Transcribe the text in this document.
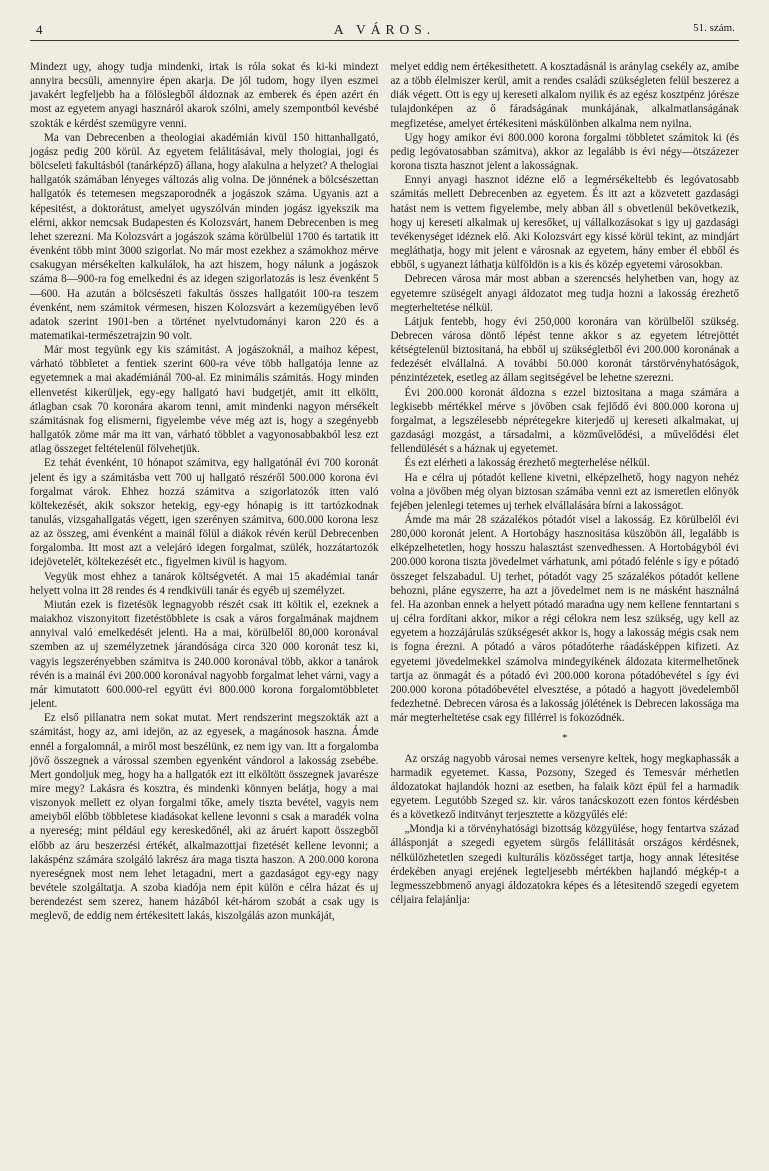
4	A VÁROS.	51. szám.

Mindezt ugy, ahogy tudja mindenki, irtak is róla sokat és ki-ki mindezt annyira becsüli, amennyire épen akarja. De jól tudom, hogy ilyen eszmei javakért legfeljebb ha a fölöslegből áldoznak az emberek és épen azért én most az egyetem anyagi hasznáról akarok szólni, amely szempontból kevésbé szokták e kérdést szemügyre venni.

Ma van Debrecenben a theologiai akadémián kivül 150 hittanhallgató, jogász pedig 200 körül. Az egyetem felálitásával, mely thologiai, jogi és bölcseleti fakultásból (tanárképző) állana, hogy alakulna a helyzet? A thelogiai hallgatók számában lényeges változás alig volna. De jönnének a bölcsészettan hallgatók és tetemesen megszaporodnék a jogászok száma. Ugyanis azt a képesitést, a doktorátust, amelyet ugyszólván minden jogász igyekszik ma elérni, akkor nemcsak Budapesten és Kolozsvárt, hanem Debrecenben is meg lehet szerezni. Ma Kolozsvárt a jogászok száma körülbelül 1700 és tartatik itt évenként több mint 3000 szigorlat. No már most ezekhez a számokhoz mérve csakugyan mérsékelten kalkulálok, ha azt hiszem, hogy nálunk a jogászok száma 8—900-ra fog emelkedni és az idegen szigorlatozás is lesz évenként 5—600. Ha azután a bölcsészeti fakultás összes hallgatóit 100-ra teszem évenként, nem számitok vérmesen, hiszen Kolozsvárt a kezemügyében levő adatok szerint 1901-ben a történet nyelvtudományi karon 220 és a matematikai-természetrajzin 90 volt.

Már most tegyünk egy kis számitást. A jogászoknál, a maihoz képest, várható többletet a fentiek szerint 600-ra véve több hallgatója lenne az egyetemnek a mai akadémiánál 700-al. Ez minimális számitás. Hogy minden ellenvetést kikerüljek, egy-egy hallgató havi budgetjét, amit itt elköltt, átlagban csak 70 koronára akarom tenni, amit mindenki nagyon mérsékelt számitásnak fog elismerni, figyelembe véve még azt is, hogy a szegényebb hallgatók zöme már ma itt van, várható többlet a vagyonosabbakból lesz ezt atlag összeget feltételenül fölvehetjük.

Ez tehát évenként, 10 hónapot számitva, egy hallgatónál évi 700 koronát jelent és igy a számitásba vett 700 uj hallgató részéről 500.000 korona évi forgalmat várok. Ehhez hozzá számitva a szigorlatozók itten való költekezését, akik sokszor hetekig, egy-egy hónapig is itt tartózkodnak tanulás, vizsgahallgatás végett, igen szerényen számitva, 600.000 korona lesz az az összeg, ami évenként a mainál fölül a diákok révén kerül Debrecenben forgalomba. Itt most azt a velejáró idegen forgalmat, szülék, hozzátartozók idejövetelét, költekezését etc., figyelmen kivül is hagyom.

Vegyük most ehhez a tanárok költségvetét. A mai 15 akadémiai tanár helyett volna itt 28 rendes és 4 rendkivüli tanár és egyéb uj személyzet.

Miután ezek is fizetésök legnagyobb részét csak itt költik el, ezeknek a maiakhoz viszonyitott fizetéstöbblete is csak a város forgalmának majdnem annyival való emelkedését jelenti. Ha a mai, körülbelől 80,000 koronával szemben az uj személyzetnek járandósága circa 320 000 koronát tesz ki, vagyis legszerényebben számitva is 240.000 koronával több, akkor a tanárok révén is a mainál évi 200.000 koronával nagyobb forgalmat lehet várni, vagy a már kimutatott 600.000-rel együtt évi 800.000 korona forgalomtöbbletet jelent.

Ez első pillanatra nem sokat mutat. Mert rendszerint megszokták azt a számitást, hogy az, ami idejön, az az egyesek, a magánosok haszna. Ámde ennél a forgalomnál, a miről most beszélünk, ez nem igy van. Itt a forgalomba jövő összegnek a várossal szemben egyenként vándorol a lakosság zsebébe. Mert gondoljuk meg, hogy ha a hallgatók ezt itt elköltött összegnek javarésze mire megy? Lakásra és kosztra, és mindenki könnyen belátja, hogy a mai viszonyok mellett ez olyan forgalmi tőke, amely tiszta bevétel, vagyis nem ameiyből előbb többletese kiadásokat kellene levonni s csak a maradék volna a nyereség; mint például egy kereskedőnél, aki az áruért kapott összegből előbb az áru beszerzési értékét, alkalmazottjai fizetését kellene levonni; a lakáspénz számára szolgáló lakrész ára maga tiszta haszon. A 200.000 korona nyereségnek most nem lehet letagadni, mert a gazdaságot egy-egy nagy bevétele szolgáltatja. A szoba kiadója nem épit külön e célra házat és uj berendezést sem szerez, hanem házából két-három szobát a csak ugy is meglevő, de eddig nem értékesitett lakás, kiszolgálás azon munkáját,

melyet eddig nem értékesithetett. A kosztadásnál is aránylag csekély az, amibe az a több élelmiszer kerül, amit a rendes családi szükségleten felül beszerez a diák végett. Ott is egy uj kereseti alkalom nyilik és az egész kosztpénz jórésze tulajdonképen az ő fáradságának munkájának, alkalmatlanságának megfizetése, amelyet értékesiteni máskülönben alkalma nem nyilna.

Ugy hogy amikor évi 800.000 korona forgalmi többletet számitok ki (és pedig legóvatosabban számitva), akkor az legalább is évi négy—ötszázezer korona tiszta hasznot jelent a lakosságnak.

Ennyi anyagi hasznot idézne elő a legmérsékeltebb és legóvatosabb számitás mellett Debrecenben az egyetem. És itt azt a közvetett gazdasági hatást nem is vettem figyelembe, mely abban áll s obvetlenül bekövetkezik, hogy uj kereseti alkalmak uj keresőket, uj vállalkozásokat s igy uj gazdasági tevékenységet idéznek elő. Aki Kolozsvárt egy kissé körül tekint, az mindjárt megláthatja, hogy mit jelent e városnak az egyetem, hány ember él ebből és ebből, s ugyanezt láthatja külföldön is a kis és közép egyetemi városokban.

Debrecen városa már most abban a szerencsés helyhetben van, hogy az egyetemre szüségelt anyagi áldozatot meg tudja hozni a lakosság érezhető megterheltetése nélkül.

Látjuk fentebb, hogy évi 250,000 koronára van körülbelől szükség. Debrecen városa döntő lépést tenne akkor s az egyetem létrejöttét kétségtelenül biztositaná, ha ebből uj szükségletből évi 200.000 koronának a fedezését elvállalná. A további 50.000 koronát társtörvényhatóságok, pénzintézetek, esetleg az állam segitségével be lehetne szerezni.

Évi 200.000 koronát áldozna s ezzel biztositana a maga számára a legkisebb mértékkel mérve s jövőben csak fejlődő évi 800.000 korona uj forgalmat, a legszélesebb néprétegekre kiterjedő uj kereseti alkalmakat, uj gazdasági mozgást, a társadalmi, a közművelődési, a művelődési élet fellendülését s a háznak uj egyetemet.

És ezt elérheti a lakosság érezhető megterhelése nélkül.

Ha e célra uj pótadót kellene kivetni, elképzelhető, hogy nagyon nehéz volna a jövőben még olyan biztosan számába venni ezt az ismeretlen előnyök fejében jelenlegi tetemes uj terhek elvállalására bírni a lakosságot.

Ámde ma már 28 százalékos pótadót visel a lakosság. Ez körülbelől évi 280,000 koronát jelent. A Hortobágy hasznositása küszöbön áll, legalább is elképzelhetetlen, hogy hosszu halasztást szenvedhessen. A Hortobágyból évi 200.000 korona tiszta jövedelmet várhatunk, ami pótadó felénle s így e pótadó összeget felszabadul. Uj terhet, pótadót vagy 25 százalékos pótadót kellene behozni, pláne egyszerre, ha azt a jövedelmet nem is ne másként használná fel. Ha azonban ennek a helyett pótadó maradna ugy nem kellene fenntartani s uj célra fordítani akkor, mikor a régi célokra nem lesz szükség, ugy kell az egyetem a hozzájárulás szükségesét akkor is, hogy a lakosság mégis csak nem is fogna érezni. A pótadó a város pótadóterhe ráadásképpen kifizeti. Az egyetemi jövedelmekkel számolva mindegyikének áldozata kitermelhetőnek tartja az önmagát és a pótadó évi 200.000 korona pótadóbevétel s így évi 200.000 korona pótadóbevétel elvesztése, a pótadó a hagyott jövedelemből fedezhetné. Debrecen városa és a lakosság jólétének is Debrecen lakossága ma már megterheltetése csak egy fillérrel is fokozódnék.

*

Az ország nagyobb városai nemes versenyre keltek, hogy megkaphassák a harmadik egyetemet. Kassa, Pozsony, Szeged és Temesvár mérhetlen áldozatokat hajlandók hozni az esetben, ha falaik közt épül fel a harmadik egyetem. Legutóbb Szeged sz. kir. város tanácskozott ezen fontos kérdésben és a következő inditványt terjesztette a közgyűlés elé:

„Mondja ki a törvényhatósági bizottság közgyülése, hogy fentartva század állásponját a szegedi egyetem sürgős felállitását országos kérdésnek, nélkülözhetetlen szegedi kulturális közösséget tartja, hogy annak létesitése érdekében anyagi erejének legteljesebb mértékben hajlandó mégkép-t a legmesszebbmenő anyagi áldozatokra képes és a létesitendő szegedi egyetem céljaira felajánlja:
